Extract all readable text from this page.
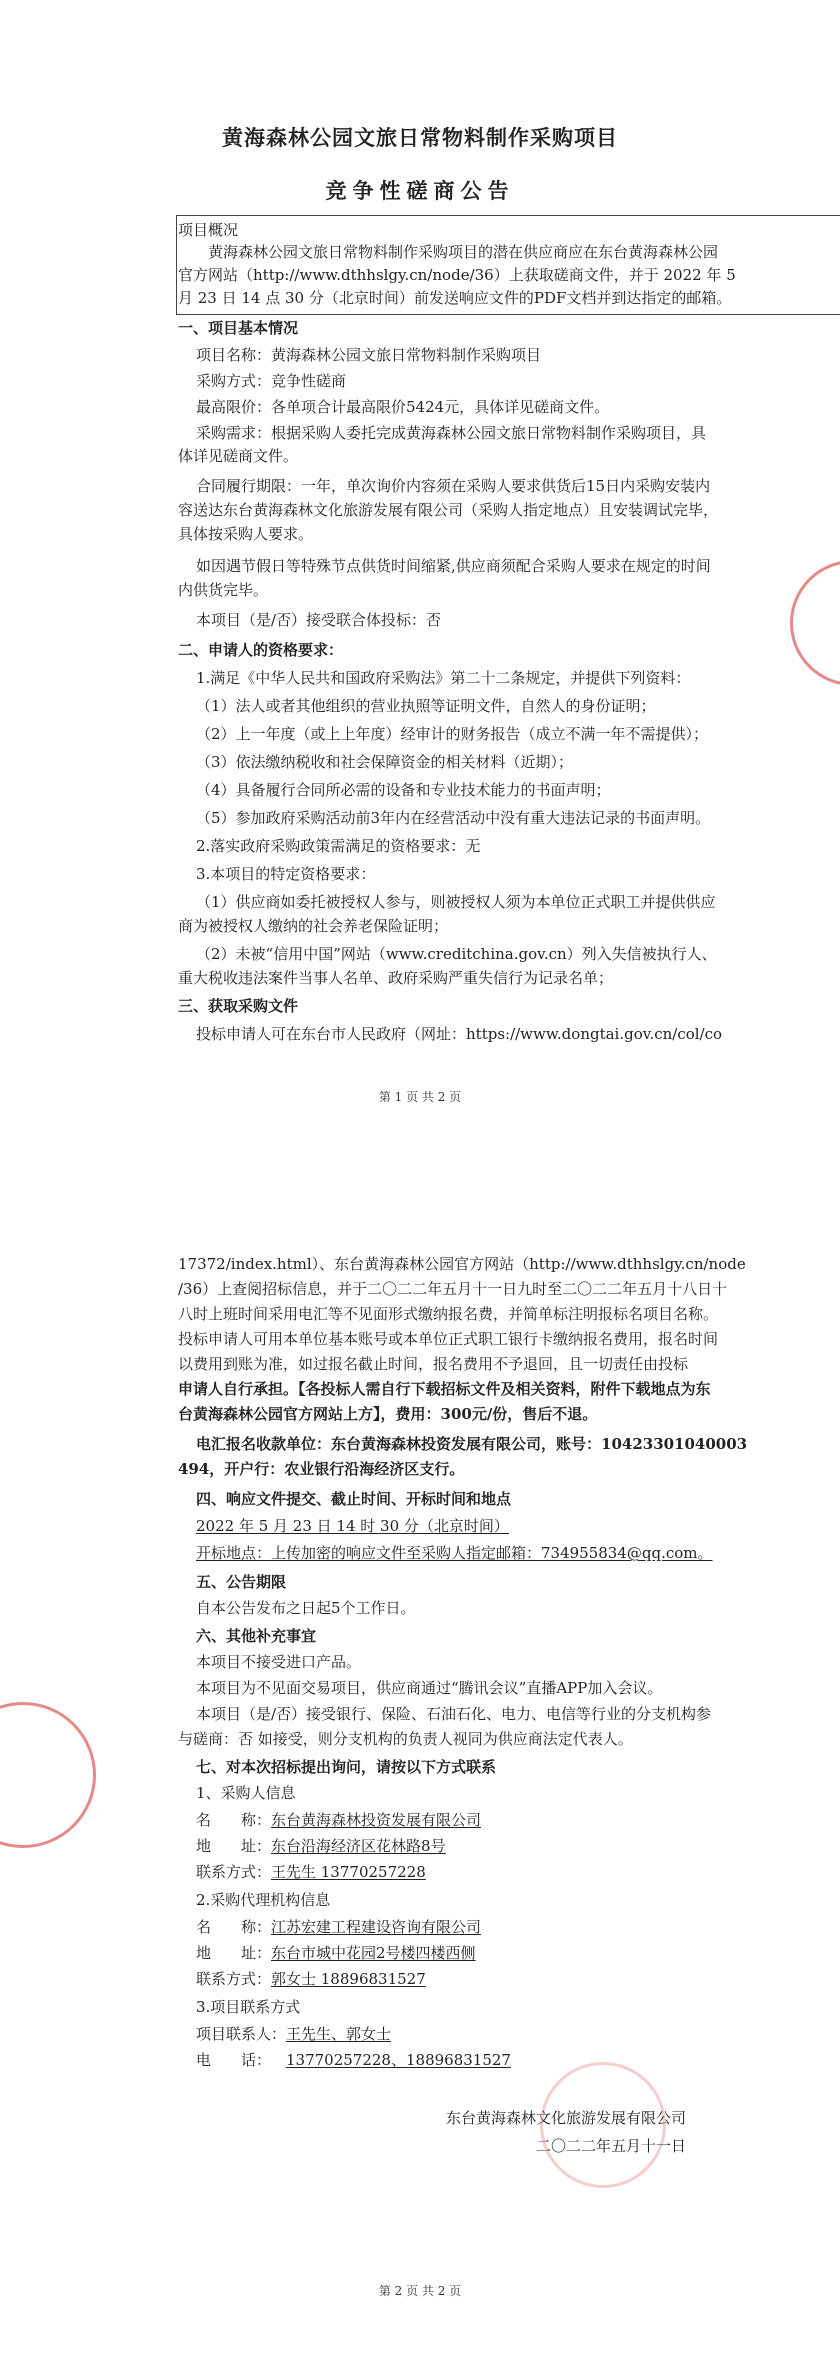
黄海森林公园文旅日常物料制作采购项目
竞争性磋商公告
项目概况
黄海森林公园文旅日常物料制作采购项目的潜在供应商应在东台黄海森林公园
官方网站（http://www.dthhslgy.cn/node/36）上获取磋商文件，并于 2022 年 5
月 23 日 14 点 30 分（北京时间）前发送响应文件的PDF文档并到达指定的邮箱。
一、项目基本情况
项目名称：黄海森林公园文旅日常物料制作采购项目
采购方式：竞争性磋商
最高限价：各单项合计最高限价5424元，具体详见磋商文件。
采购需求：根据采购人委托完成黄海森林公园文旅日常物料制作采购项目，具
体详见磋商文件。
合同履行期限：一年，单次询价内容须在采购人要求供货后15日内采购安装内
容送达东台黄海森林文化旅游发展有限公司（采购人指定地点）且安装调试完毕，
具体按采购人要求。
如因遇节假日等特殊节点供货时间缩紧,供应商须配合采购人要求在规定的时间
内供货完毕。
本项目（是/否）接受联合体投标：否
二、申请人的资格要求：
1.满足《中华人民共和国政府采购法》第二十二条规定，并提供下列资料：
（1）法人或者其他组织的营业执照等证明文件，自然人的身份证明；
（2）上一年度（或上上年度）经审计的财务报告（成立不满一年不需提供）；
（3）依法缴纳税收和社会保障资金的相关材料（近期）；
（4）具备履行合同所必需的设备和专业技术能力的书面声明；
（5）参加政府采购活动前3年内在经营活动中没有重大违法记录的书面声明。
2.落实政府采购政策需满足的资格要求：无
3.本项目的特定资格要求：
（1）供应商如委托被授权人参与，则被授权人须为本单位正式职工并提供供应
商为被授权人缴纳的社会养老保险证明；
（2）未被“信用中国”网站（www.creditchina.gov.cn）列入失信被执行人、
重大税收违法案件当事人名单、政府采购严重失信行为记录名单；
三、获取采购文件
投标申请人可在东台市人民政府（网址：https://www.dongtai.gov.cn/col/co
第 1 页 共 2 页
17372/index.html）、东台黄海森林公园官方网站（http://www.dthhslgy.cn/node
/36）上查阅招标信息，并于二〇二二年五月十一日九时至二〇二二年五月十八日十
八时上班时间采用电汇等不见面形式缴纳报名费，并简单标注明报标名项目名称。
投标申请人可用本单位基本账号或本单位正式职工银行卡缴纳报名费用，报名时间
以费用到账为准，如过报名截止时间，报名费用不予退回，且一切责任由投标
申请人自行承担。【各投标人需自行下载招标文件及相关资料，附件下载地点为东
台黄海森林公园官方网站上方】，费用：300元/份，售后不退。
电汇报名收款单位：东台黄海森林投资发展有限公司，账号：10423301040003
494，开户行：农业银行沿海经济区支行。
四、响应文件提交、截止时间、开标时间和地点
2022 年 5 月 23 日 14 时 30 分（北京时间）
开标地点：上传加密的响应文件至采购人指定邮箱：734955834@qq.com。
五、公告期限
自本公告发布之日起5个工作日。
六、其他补充事宜
本项目不接受进口产品。
本项目为不见面交易项目，供应商通过“腾讯会议”直播APP加入会议。
本项目（是/否）接受银行、保险、石油石化、电力、电信等行业的分支机构参
与磋商：否 如接受，则分支机构的负责人视同为供应商法定代表人。
七、对本次招标提出询问，请按以下方式联系
1、采购人信息
名　　称： 东台黄海森林投资发展有限公司
地　　址： 东台沿海经济区花林路8号
联系方式： 王先生 13770257228
2.采购代理机构信息
名　　称： 江苏宏建工程建设咨询有限公司
地　　址： 东台市城中花园2号楼四楼西侧
联系方式： 郭女士 18896831527
3.项目联系方式
项目联系人： 王先生、郭女士
电　　话： 13770257228、18896831527
东台黄海森林文化旅游发展有限公司
二〇二二年五月十一日
第 2 页 共 2 页
